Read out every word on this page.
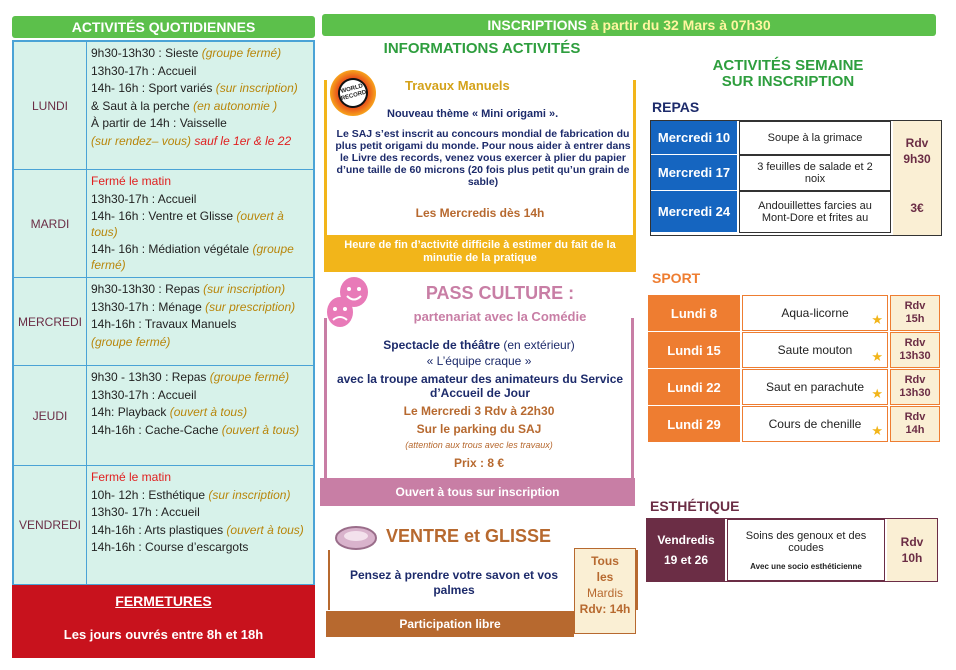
ACTIVITÉS QUOTIDIENNES
LUNDI
9h30-13h30 : Sieste (groupe fermé)
13h30-17h : Accueil
14h- 16h : Sport variés (sur inscription)
& Saut à la perche (en autonomie )
À partir de 14h : Vaisselle
(sur rendez– vous) sauf le 1er & le 22
MARDI
Fermé le matin
13h30-17h : Accueil
14h- 16h : Ventre et Glisse (ouvert à tous)
14h- 16h : Médiation végétale (groupe fermé)
MERCREDI
9h30-13h30 : Repas (sur inscription)
13h30-17h : Ménage (sur prescription)
14h-16h : Travaux Manuels
(groupe fermé)
JEUDI
9h30 - 13h30 : Repas (groupe fermé)
13h30-17h : Accueil
14h: Playback (ouvert à tous)
14h-16h : Cache-Cache (ouvert à tous)
VENDREDI
Fermé le matin
10h- 12h : Esthétique (sur inscription)
13h30- 17h : Accueil
14h-16h : Arts plastiques (ouvert à tous)
14h-16h : Course d’escargots
FERMETURES
Les jours ouvrés entre 8h et 18h
INSCRIPTIONS à partir du 32 Mars à 07h30
INFORMATIONS ACTIVITÉS
Travaux Manuels
Nouveau thème « Mini origami ».
Le SAJ s’est inscrit au concours mondial de fabrication du plus petit origami du monde. Pour nous aider à entrer dans le Livre des records, venez vous exercer à plier du papier d’une taille de 60 microns (20 fois plus petit qu’un grain de sable)
Les Mercredis dès 14h
Heure de fin d’activité difficile à estimer du fait de la minutie de la pratique
WORLD RECORD
Spectacle de théâtre (en extérieur)
« L’équipe craque »
avec la troupe amateur des animateurs du Service d’Accueil de Jour
Le Mercredi 3 Rdv à 22h30
Sur le parking du SAJ
(attention aux trous avec les travaux)
Prix : 8 €
PASS CULTURE :
partenariat avec la Comédie
Ouvert à tous sur inscription
VENTRE et GLISSE
Pensez à prendre votre savon et vos palmes
Tous les
Mardis
Rdv: 14h
Participation libre
ACTIVITÉS SEMAINE SUR INSCRIPTION
REPAS
Mercredi 10	Soupe à la grimace
Mercredi 17	3 feuilles de salade et 2 noix
Mercredi 24	Andouillettes farcies au Mont-Dore et frites au
Rdv 9h30
3€
SPORT
Lundi 8	Aqua-licorne ★
Rdv 15h
Lundi 15	Saute mouton ★
Rdv 13h30
Lundi 22	Saut en parachute ★
Rdv 13h30
Lundi 29	Cours de chenille ★
Rdv 14h
ESTHÉTIQUE
Vendredis 19 et 26
Soins des genoux et des coudes
Avec une socio esthéticienne
Rdv 10h
